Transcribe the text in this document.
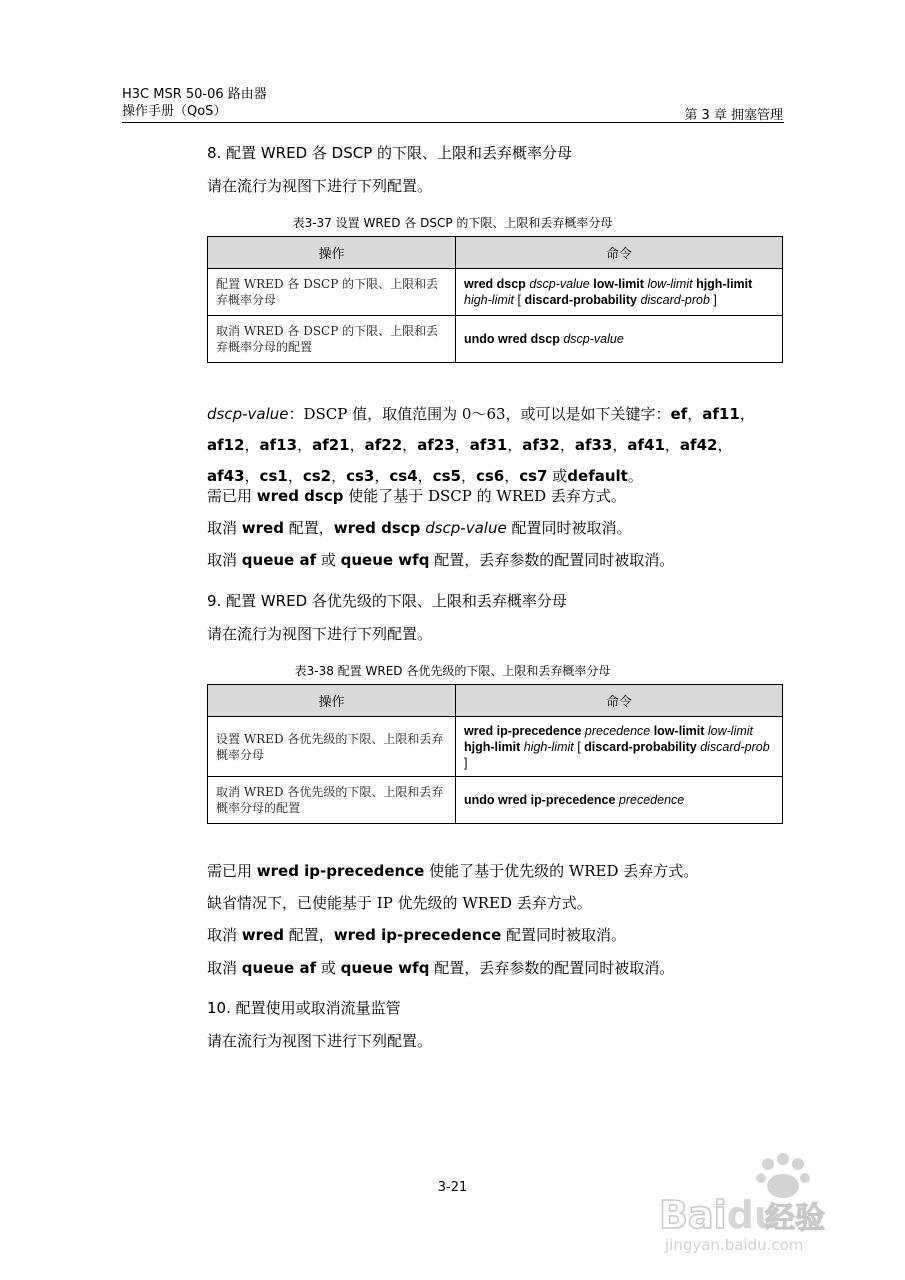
H3C MSR 50-06 路由器
操作手册（QoS）	第 3 章 拥塞管理
8. 配置 WRED 各 DSCP 的下限、上限和丢弃概率分母
请在流行为视图下进行下列配置。
表3-37 设置 WRED 各 DSCP 的下限、上限和丢弃概率分母
操作	命令
配置 WRED 各 DSCP 的下限、上限和丢弃概率分母	wred dscp dscp-value low-limit low-limit hjgh-limit high-limit [ discard-probability discard-prob ]
取消 WRED 各 DSCP 的下限、上限和丢弃概率分母的配置	undo wred dscp dscp-value
dscp-value：DSCP 值，取值范围为 0～63，或可以是如下关键字：ef，af11，af12，af13，af21，af22，af23，af31，af32，af33，af41，af42，af43，cs1，cs2，cs3，cs4，cs5，cs6，cs7 或default。
需已用 wred dscp 使能了基于 DSCP 的 WRED 丢弃方式。
取消 wred 配置，wred dscp dscp-value 配置同时被取消。
取消 queue af 或 queue wfq 配置，丢弃参数的配置同时被取消。
9. 配置 WRED 各优先级的下限、上限和丢弃概率分母
请在流行为视图下进行下列配置。
表3-38 配置 WRED 各优先级的下限、上限和丢弃概率分母
操作	命令
设置 WRED 各优先级的下限、上限和丢弃概率分母	wred ip-precedence precedence low-limit low-limit hjgh-limit high-limit [ discard-probability discard-prob ]
取消 WRED 各优先级的下限、上限和丢弃概率分母的配置	undo wred ip-precedence precedence
需已用 wred ip-precedence 使能了基于优先级的 WRED 丢弃方式。
缺省情况下，已使能基于 IP 优先级的 WRED 丢弃方式。
取消 wred 配置，wred ip-precedence 配置同时被取消。
取消 queue af 或 queue wfq 配置，丢弃参数的配置同时被取消。
10. 配置使用或取消流量监管
请在流行为视图下进行下列配置。
3-21
Baidu
经验
jingyan.baidu.com
